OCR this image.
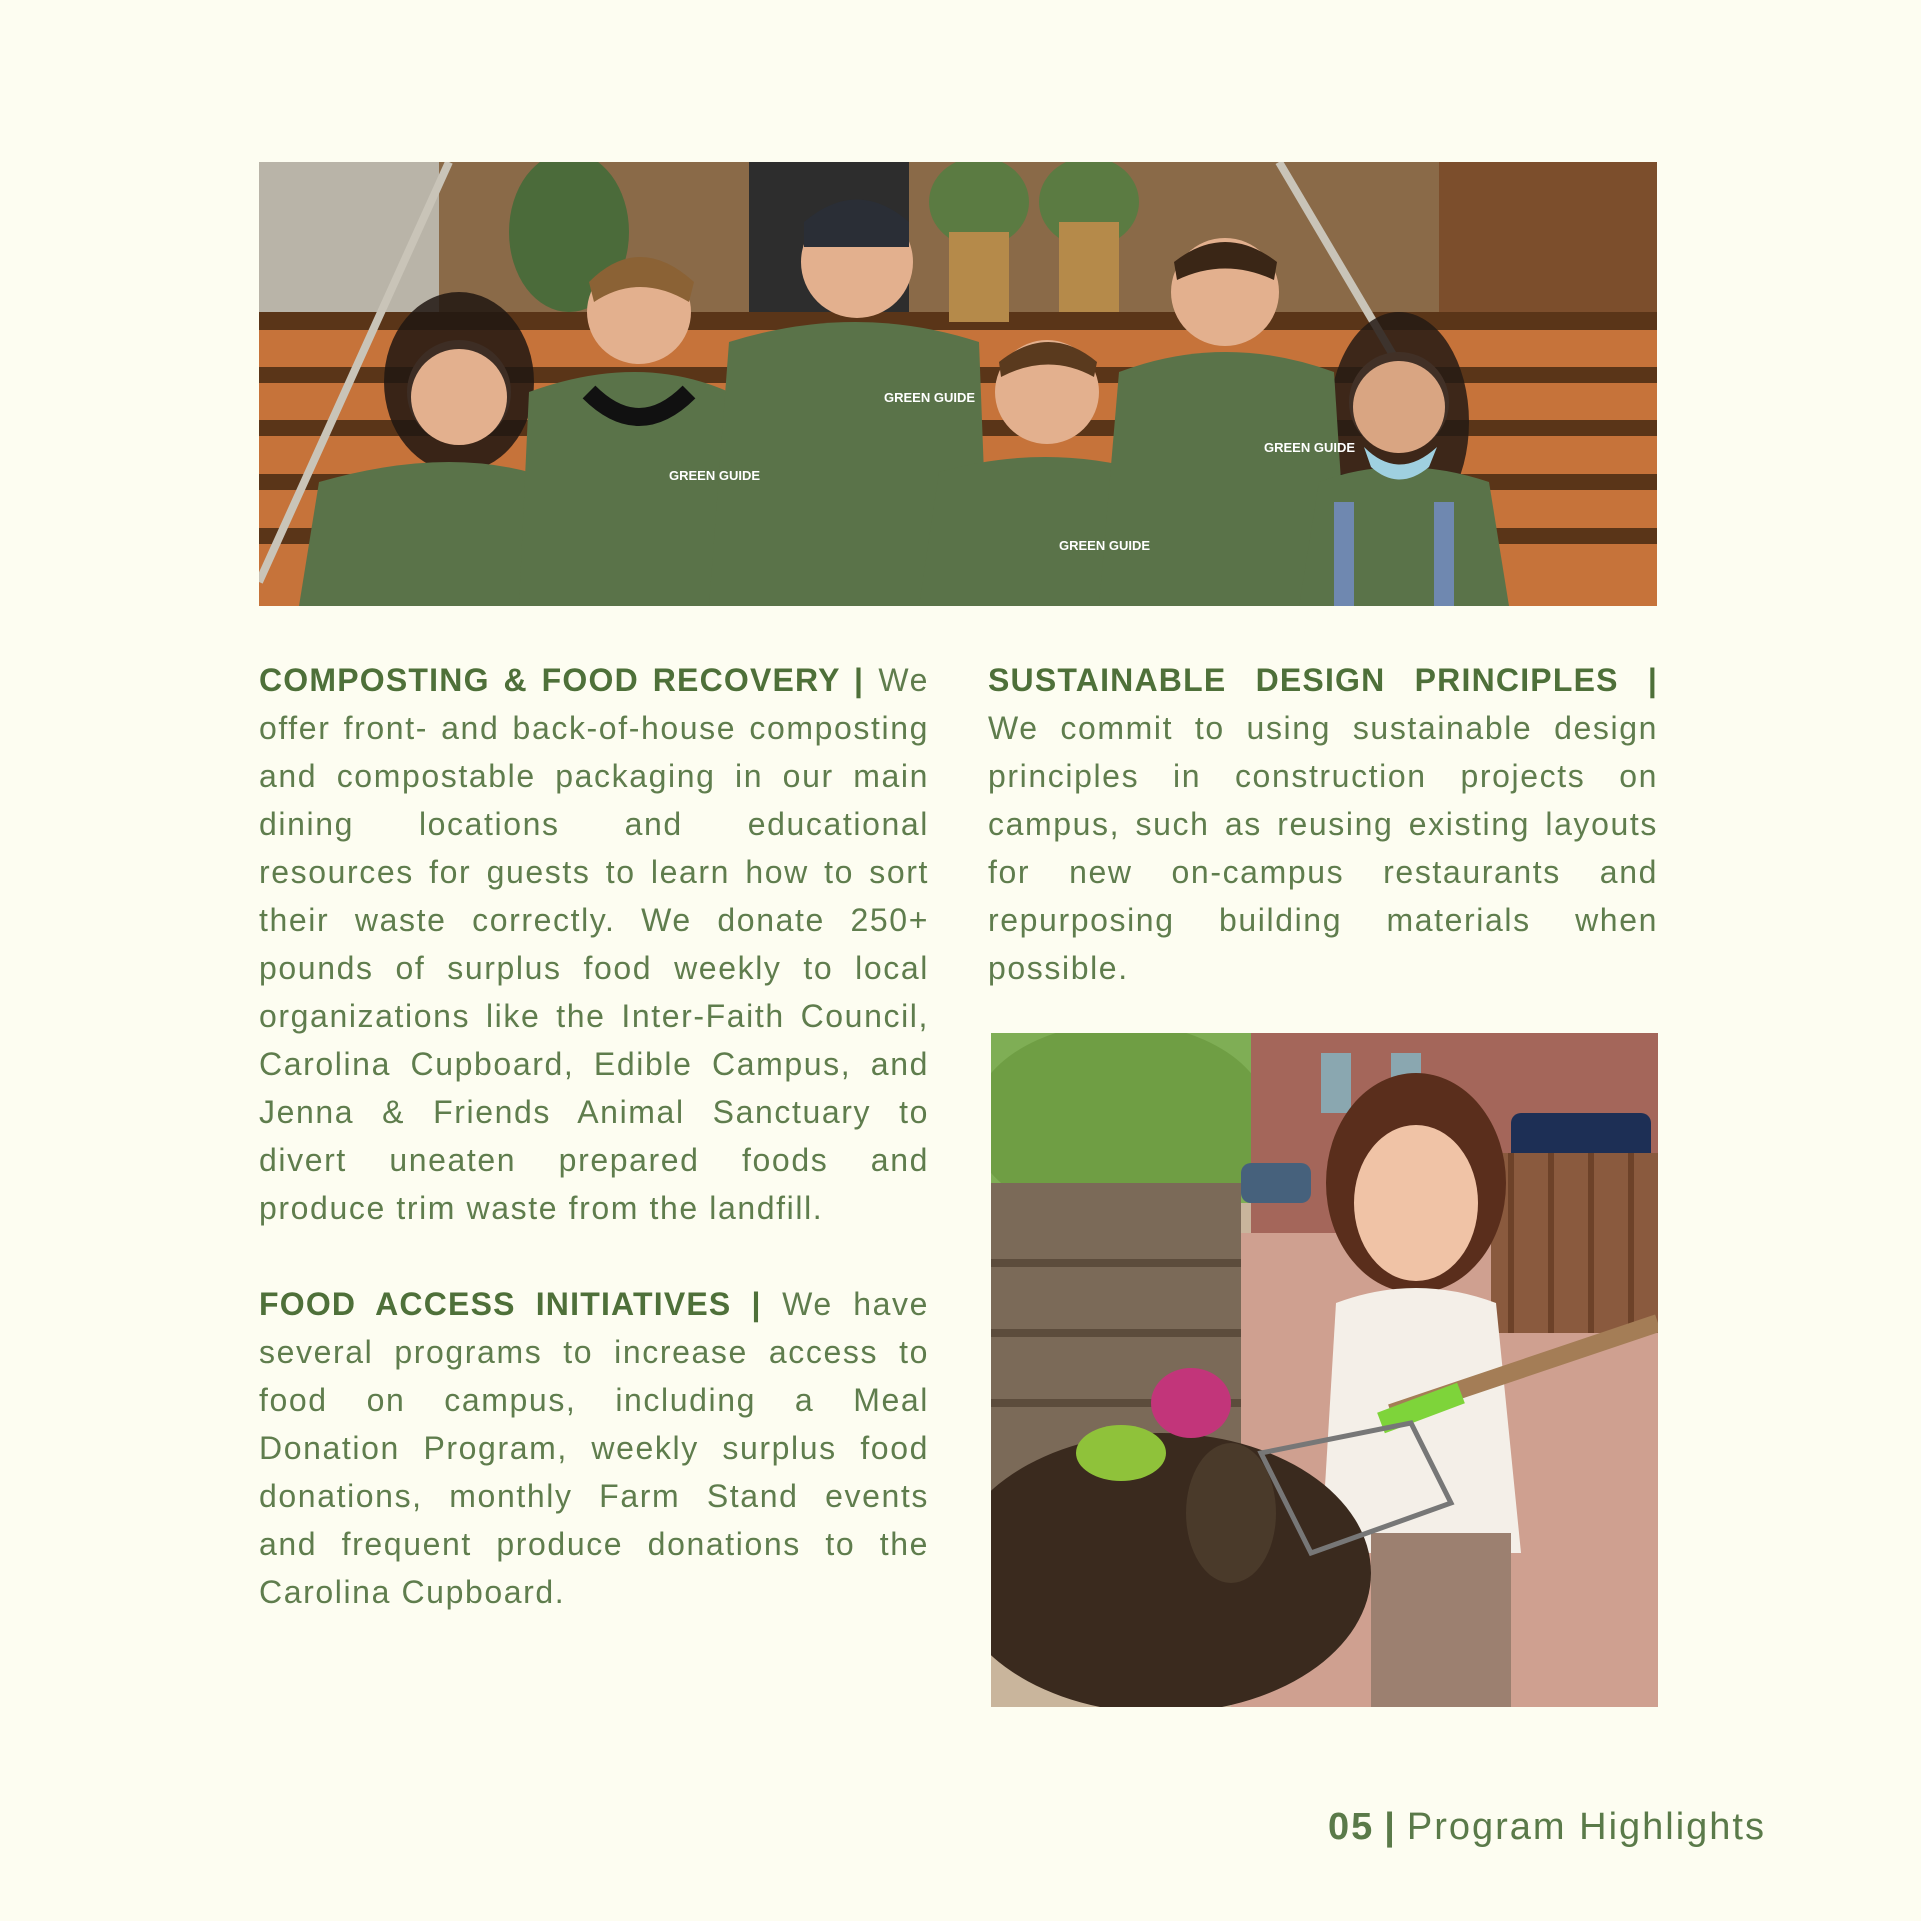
GREEN GUIDE
GREEN GUIDE
GREEN GUIDE
GREEN GUIDE

COMPOSTING & FOOD RECOVERY | We offer front- and back-of-house composting and compostable packaging in our main dining locations and educational resources for guests to learn how to sort their waste correctly. We donate 250+ pounds of surplus food weekly to local organizations like the Inter-Faith Council, Carolina Cupboard, Edible Campus, and Jenna & Friends Animal Sanctuary to divert uneaten prepared foods and produce trim waste from the landfill.

FOOD ACCESS INITIATIVES | We have several programs to increase access to food on campus, including a Meal Donation Program, weekly surplus food donations, monthly Farm Stand events and frequent produce donations to the Carolina Cupboard.

SUSTAINABLE DESIGN PRINCIPLES | We commit to using sustainable design principles in construction projects on campus, such as reusing existing layouts for new on-campus restaurants and repurposing building materials when possible.

05 | Program Highlights
